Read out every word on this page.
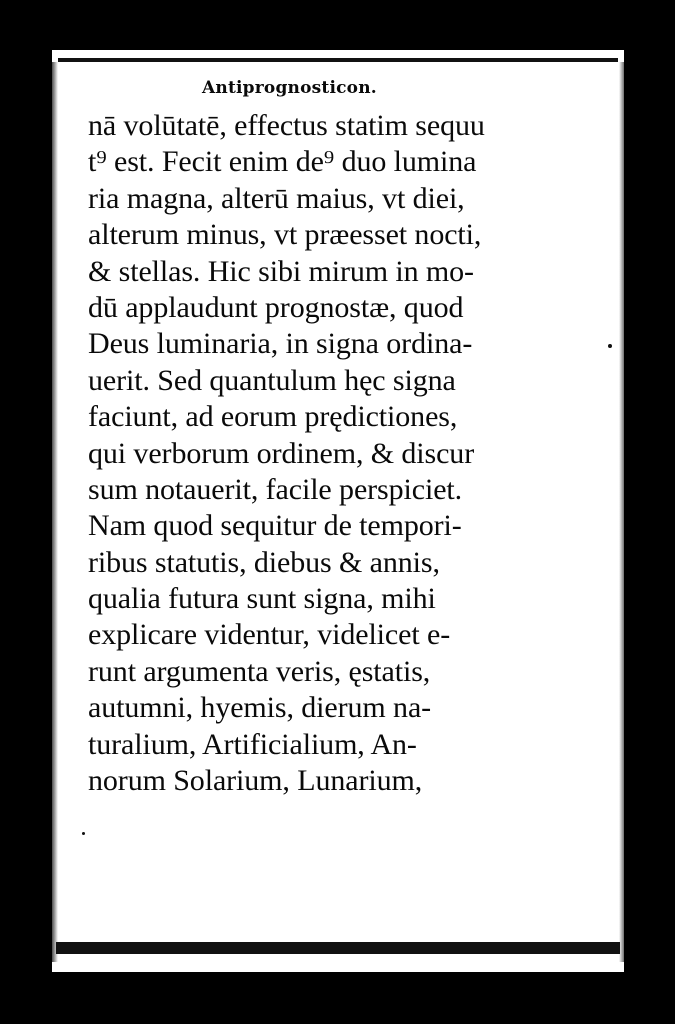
Antiprognosticon.
nā volūtatē, effectus statim sequu
t⁹ est. Fecit enim de⁹ duo lumina
ria magna, alterū maius, vt diei,
alterum minus, vt præesset nocti,
& stellas. Hic sibi mirum in mo-
dū applaudunt prognostæ, quod
Deus luminaria, in signa ordina-
uerit. Sed quantulum hęc signa
faciunt, ad eorum prędictiones,
qui verborum ordinem, & discur
sum notauerit, facile perspiciet.
Nam quod sequitur de tempori-
ribus statutis, diebus & annis,
qualia futura sunt signa, mihi
explicare videntur, videlicet e-
runt argumenta veris, ęstatis,
autumni, hyemis, dierum na-
turalium, Artificialium, An-
norum Solarium, Lunarium,
